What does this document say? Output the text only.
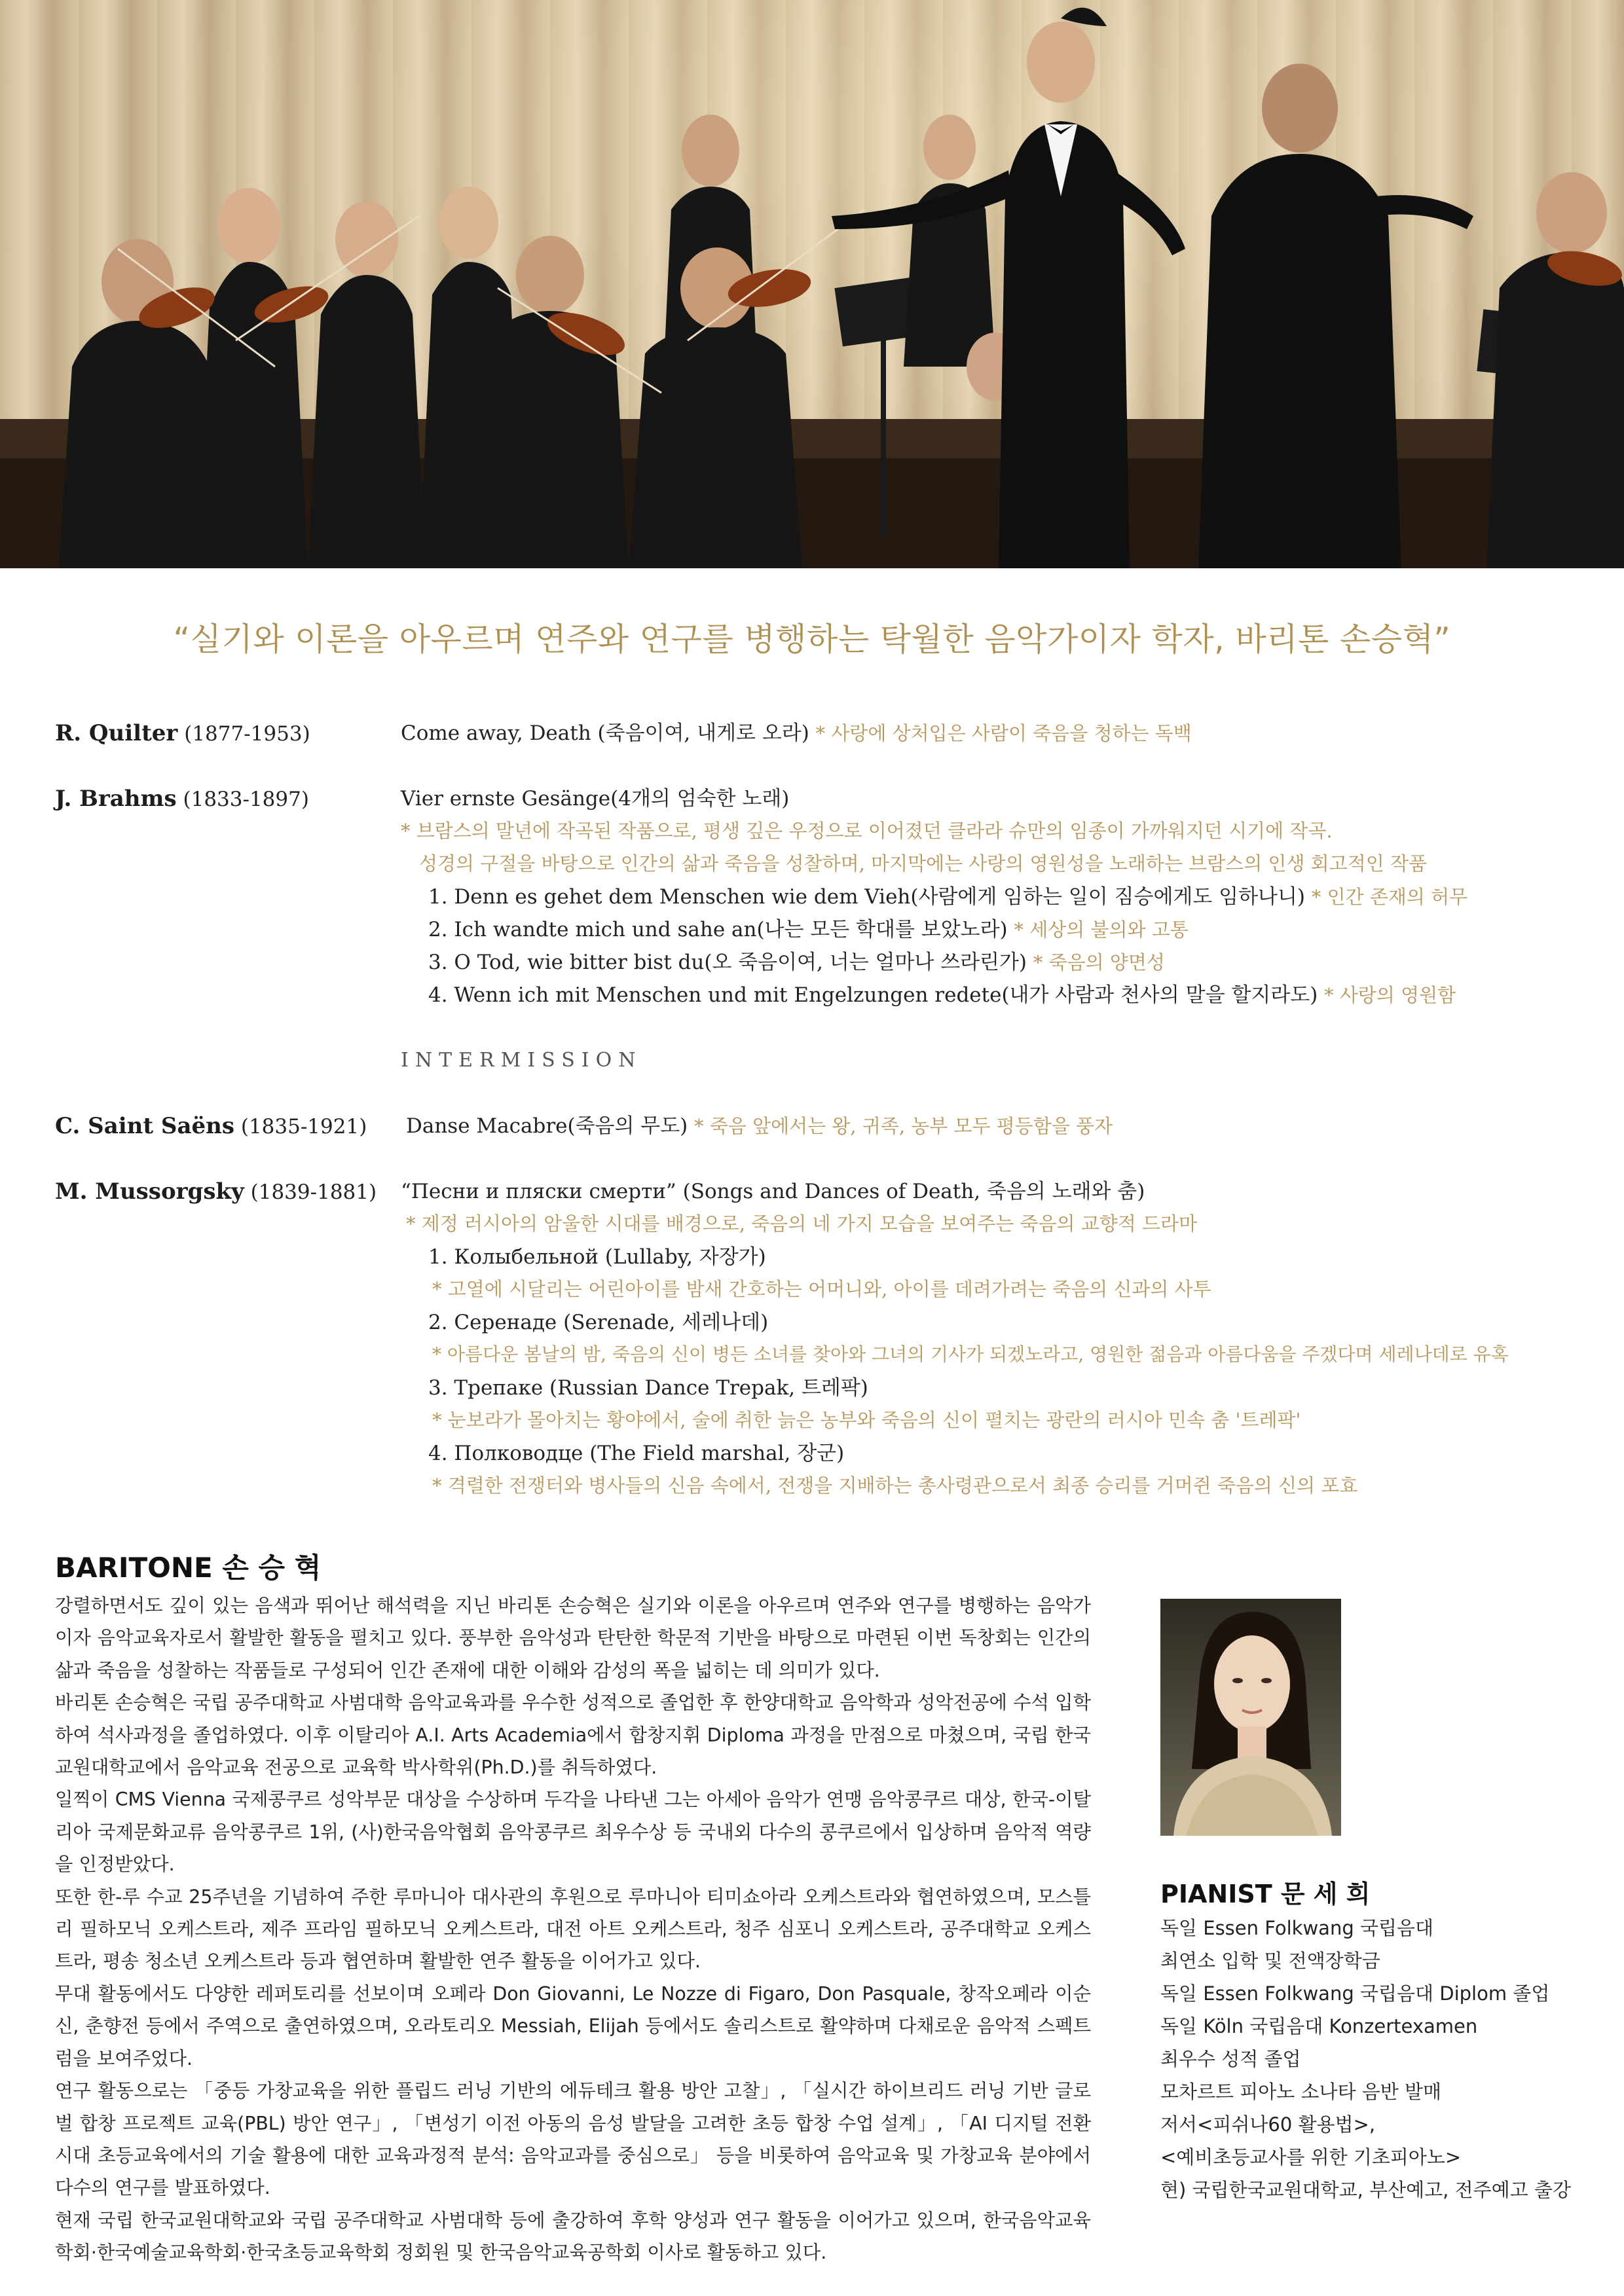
“실기와 이론을 아우르며 연주와 연구를 병행하는 탁월한 음악가이자 학자, 바리톤 손승혁”
R. Quilter (1877-1953)	Come away, Death (죽음이여, 내게로 오라) * 사랑에 상처입은 사람이 죽음을 청하는 독백
J. Brahms (1833-1897)	Vier ernste Gesänge(4개의 엄숙한 노래)
* 브람스의 말년에 작곡된 작품으로, 평생 깊은 우정으로 이어졌던 클라라 슈만의 임종이 가까워지던 시기에 작곡.
성경의 구절을 바탕으로 인간의 삶과 죽음을 성찰하며, 마지막에는 사랑의 영원성을 노래하는 브람스의 인생 회고적인 작품
1. Denn es gehet dem Menschen wie dem Vieh(사람에게 임하는 일이 짐승에게도 임하나니) * 인간 존재의 허무
2. Ich wandte mich und sahe an(나는 모든 학대를 보았노라) * 세상의 불의와 고통
3. O Tod, wie bitter bist du(오 죽음이여, 너는 얼마나 쓰라린가) * 죽음의 양면성
4. Wenn ich mit Menschen und mit Engelzungen redete(내가 사람과 천사의 말을 할지라도) * 사랑의 영원함
INTERMISSION
C. Saint Saëns (1835-1921) Danse Macabre(죽음의 무도) * 죽음 앞에서는 왕, 귀족, 농부 모두 평등함을 풍자
M. Mussorgsky (1839-1881) “Песни и пляски смерти” (Songs and Dances of Death, 죽음의 노래와 춤)
* 제정 러시아의 암울한 시대를 배경으로, 죽음의 네 가지 모습을 보여주는 죽음의 교향적 드라마
1. Колыбельной (Lullaby, 자장가)
* 고열에 시달리는 어린아이를 밤새 간호하는 어머니와, 아이를 데려가려는 죽음의 신과의 사투
2. Серенаде (Serenade, 세레나데)
* 아름다운 봄날의 밤, 죽음의 신이 병든 소녀를 찾아와 그녀의 기사가 되겠노라고, 영원한 젊음과 아름다움을 주겠다며 세레나데로 유혹
3. Трепаке (Russian Dance Trepak, 트레팍)
* 눈보라가 몰아치는 황야에서, 술에 취한 늙은 농부와 죽음의 신이 펼치는 광란의 러시아 민속 춤 '트레팍'
4. Полководце (The Field marshal, 장군)
* 격렬한 전쟁터와 병사들의 신음 속에서, 전쟁을 지배하는 총사령관으로서 최종 승리를 거머쥔 죽음의 신의 포효
BARITONE 손 승 혁
강렬하면서도 깊이 있는 음색과 뛰어난 해석력을 지닌 바리톤 손승혁은 실기와 이론을 아우르며 연주와 연구를 병행하는 음악가이자 음악교육자로서 활발한 활동을 펼치고 있다. 풍부한 음악성과 탄탄한 학문적 기반을 바탕으로 마련된 이번 독창회는 인간의 삶과 죽음을 성찰하는 작품들로 구성되어 인간 존재에 대한 이해와 감성의 폭을 넓히는 데 의미가 있다.
바리톤 손승혁은 국립 공주대학교 사범대학 음악교육과를 우수한 성적으로 졸업한 후 한양대학교 음악학과 성악전공에 수석 입학하여 석사과정을 졸업하였다. 이후 이탈리아 A.I. Arts Academia에서 합창지휘 Diploma 과정을 만점으로 마쳤으며, 국립 한국교원대학교에서 음악교육 전공으로 교육학 박사학위(Ph.D.)를 취득하였다.
일찍이 CMS Vienna 국제콩쿠르 성악부문 대상을 수상하며 두각을 나타낸 그는 아세아 음악가 연맹 음악콩쿠르 대상, 한국-이탈리아 국제문화교류 음악콩쿠르 1위, (사)한국음악협회 음악콩쿠르 최우수상 등 국내외 다수의 콩쿠르에서 입상하며 음악적 역량을 인정받았다.
또한 한-루 수교 25주년을 기념하여 주한 루마니아 대사관의 후원으로 루마니아 티미쇼아라 오케스트라와 협연하였으며, 모스틀리 필하모닉 오케스트라, 제주 프라임 필하모닉 오케스트라, 대전 아트 오케스트라, 청주 심포니 오케스트라, 공주대학교 오케스트라, 평송 청소년 오케스트라 등과 협연하며 활발한 연주 활동을 이어가고 있다.
무대 활동에서도 다양한 레퍼토리를 선보이며 오페라 Don Giovanni, Le Nozze di Figaro, Don Pasquale, 창작오페라 이순신, 춘향전 등에서 주역으로 출연하였으며, 오라토리오 Messiah, Elijah 등에서도 솔리스트로 활약하며 다채로운 음악적 스펙트럼을 보여주었다.
연구 활동으로는 「중등 가창교육을 위한 플립드 러닝 기반의 에듀테크 활용 방안 고찰」, 「실시간 하이브리드 러닝 기반 글로벌 합창 프로젝트 교육(PBL) 방안 연구」, 「변성기 이전 아동의 음성 발달을 고려한 초등 합창 수업 설계」, 「AI 디지털 전환 시대 초등교육에서의 기술 활용에 대한 교육과정적 분석: 음악교과를 중심으로」 등을 비롯하여 음악교육 및 가창교육 분야에서 다수의 연구를 발표하였다.
현재 국립 한국교원대학교와 국립 공주대학교 사범대학 등에 출강하여 후학 양성과 연구 활동을 이어가고 있으며, 한국음악교육학회·한국예술교육학회·한국초등교육학회 정회원 및 한국음악교육공학회 이사로 활동하고 있다.
PIANIST 문 세 희
독일 Essen Folkwang 국립음대
최연소 입학 및 전액장학금
독일 Essen Folkwang 국립음대 Diplom 졸업
독일 Köln 국립음대 Konzertexamen
최우수 성적 졸업
모차르트 피아노 소나타 음반 발매
저서<피쉬나60 활용법>,
<예비초등교사를 위한 기초피아노>
현) 국립한국교원대학교, 부산예고, 전주예고 출강
